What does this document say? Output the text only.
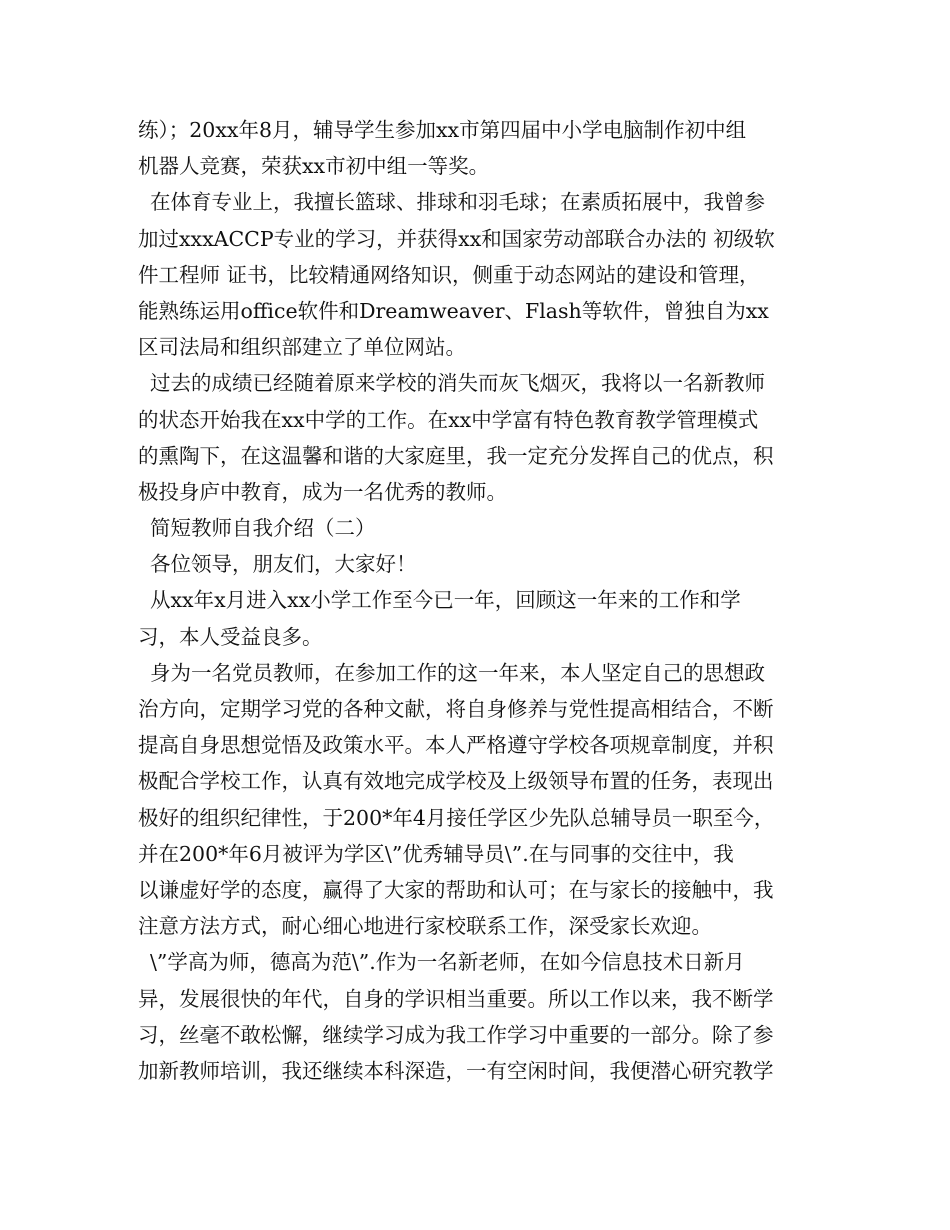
练）；20xx年8月，辅导学生参加xx市第四届中小学电脑制作初中组
机器人竞赛，荣获xx市初中组一等奖。
在体育专业上，我擅长篮球、排球和羽毛球；在素质拓展中，我曾参
加过xxxACCP专业的学习，并获得xx和国家劳动部联合办法的 初级软
件工程师 证书，比较精通网络知识，侧重于动态网站的建设和管理，
能熟练运用office软件和Dreamweaver、Flash等软件，曾独自为xx
区司法局和组织部建立了单位网站。
过去的成绩已经随着原来学校的消失而灰飞烟灭，我将以一名新教师
的状态开始我在xx中学的工作。在xx中学富有特色教育教学管理模式
的熏陶下，在这温馨和谐的大家庭里，我一定充分发挥自己的优点，积
极投身庐中教育，成为一名优秀的教师。
简短教师自我介绍（二）
各位领导，朋友们，大家好！
从xx年x月进入xx小学工作至今已一年，回顾这一年来的工作和学
习，本人受益良多。
身为一名党员教师，在参加工作的这一年来，本人坚定自己的思想政
治方向，定期学习党的各种文献，将自身修养与党性提高相结合，不断
提高自身思想觉悟及政策水平。本人严格遵守学校各项规章制度，并积
极配合学校工作，认真有效地完成学校及上级领导布置的任务，表现出
极好的组织纪律性，于200*年4月接任学区少先队总辅导员一职至今，
并在200*年6月被评为学区\”优秀辅导员\”.在与同事的交往中，我
以谦虚好学的态度，赢得了大家的帮助和认可；在与家长的接触中，我
注意方法方式，耐心细心地进行家校联系工作，深受家长欢迎。
\”学高为师，德高为范\”.作为一名新老师，在如今信息技术日新月
异，发展很快的年代，自身的学识相当重要。所以工作以来，我不断学
习，丝毫不敢松懈，继续学习成为我工作学习中重要的一部分。除了参
加新教师培训，我还继续本科深造，一有空闲时间，我便潜心研究教学
